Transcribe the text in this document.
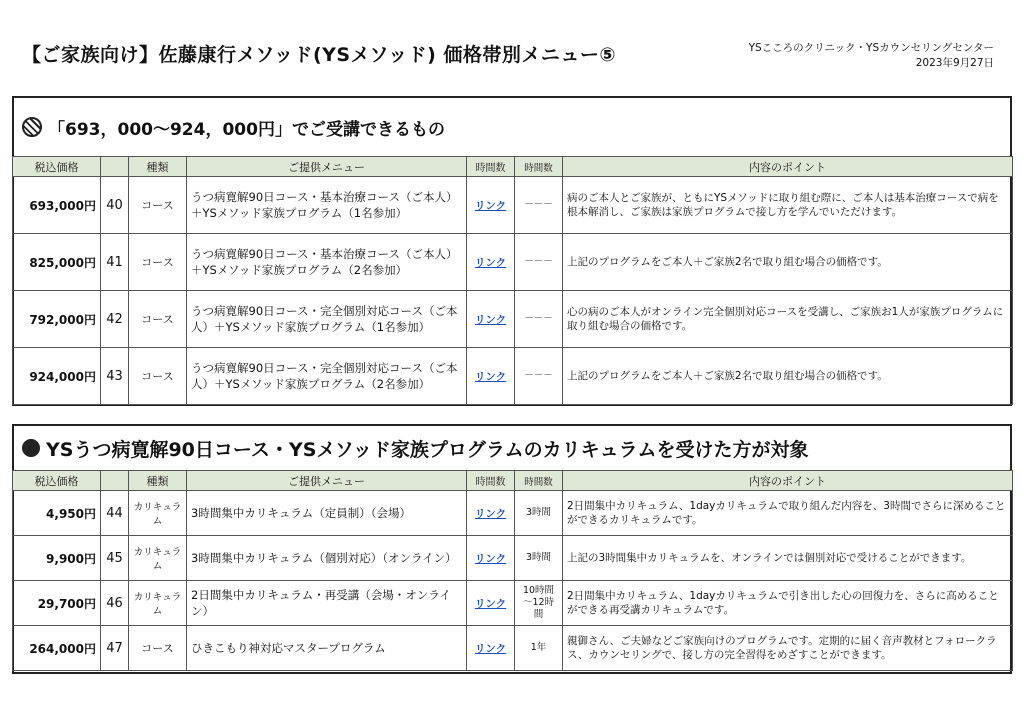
【ご家族向け】佐藤康行メソッド(YSメソッド) 価格帯別メニュー⑤	YSこころのクリニック・YSカウンセリングセンター
2023年9月27日
「693，000～924，000円」でご受講できるもの
税込価格		種類	ご提供メニュー	時間数	時間数	内容のポイント
693,000円	40	コース	うつ病寛解90日コース・基本治療コース（ご本人）＋YSメソッド家族プログラム（1名参加）	リンク	－－－	病のご本人とご家族が、ともにYSメソッドに取り組む際に、ご本人は基本治療コースで病を根本解消し、ご家族は家族プログラムで接し方を学んでいただけます。
825,000円	41	コース	うつ病寛解90日コース・基本治療コース（ご本人）＋YSメソッド家族プログラム（2名参加）	リンク	－－－	上記のプログラムをご本人＋ご家族2名で取り組む場合の価格です。
792,000円	42	コース	うつ病寛解90日コース・完全個別対応コース（ご本人）＋YSメソッド家族プログラム（1名参加）	リンク	－－－	心の病のご本人がオンライン完全個別対応コースを受講し、ご家族お1人が家族プログラムに取り組む場合の価格です。
924,000円	43	コース	うつ病寛解90日コース・完全個別対応コース（ご本人）＋YSメソッド家族プログラム（2名参加）	リンク	－－－	上記のプログラムをご本人＋ご家族2名で取り組む場合の価格です。
YSうつ病寛解90日コース・YSメソッド家族プログラムのカリキュラムを受けた方が対象
税込価格		種類	ご提供メニュー	時間数	時間数	内容のポイント
4,950円	44	カリキュラム	3時間集中カリキュラム（定員制）（会場）	リンク	3時間	2日間集中カリキュラム、1dayカリキュラムで取り組んだ内容を、3時間でさらに深めることができるカリキュラムです。
9,900円	45	カリキュラム	3時間集中カリキュラム（個別対応）（オンライン）	リンク	3時間	上記の3時間集中カリキュラムを、オンラインでは個別対応で受けることができます。
29,700円	46	カリキュラム	2日間集中カリキュラム・再受講（会場・オンライン）	リンク	10時間～12時間	2日間集中カリキュラム、1dayカリキュラムで引き出した心の回復力を、さらに高めることができる再受講カリキュラムです。
264,000円	47	コース	ひきこもり神対応マスタープログラム	リンク	1年	親御さん、ご夫婦などご家族向けのプログラムです。定期的に届く音声教材とフォロークラス、カウンセリングで、接し方の完全習得をめざすことができます。
